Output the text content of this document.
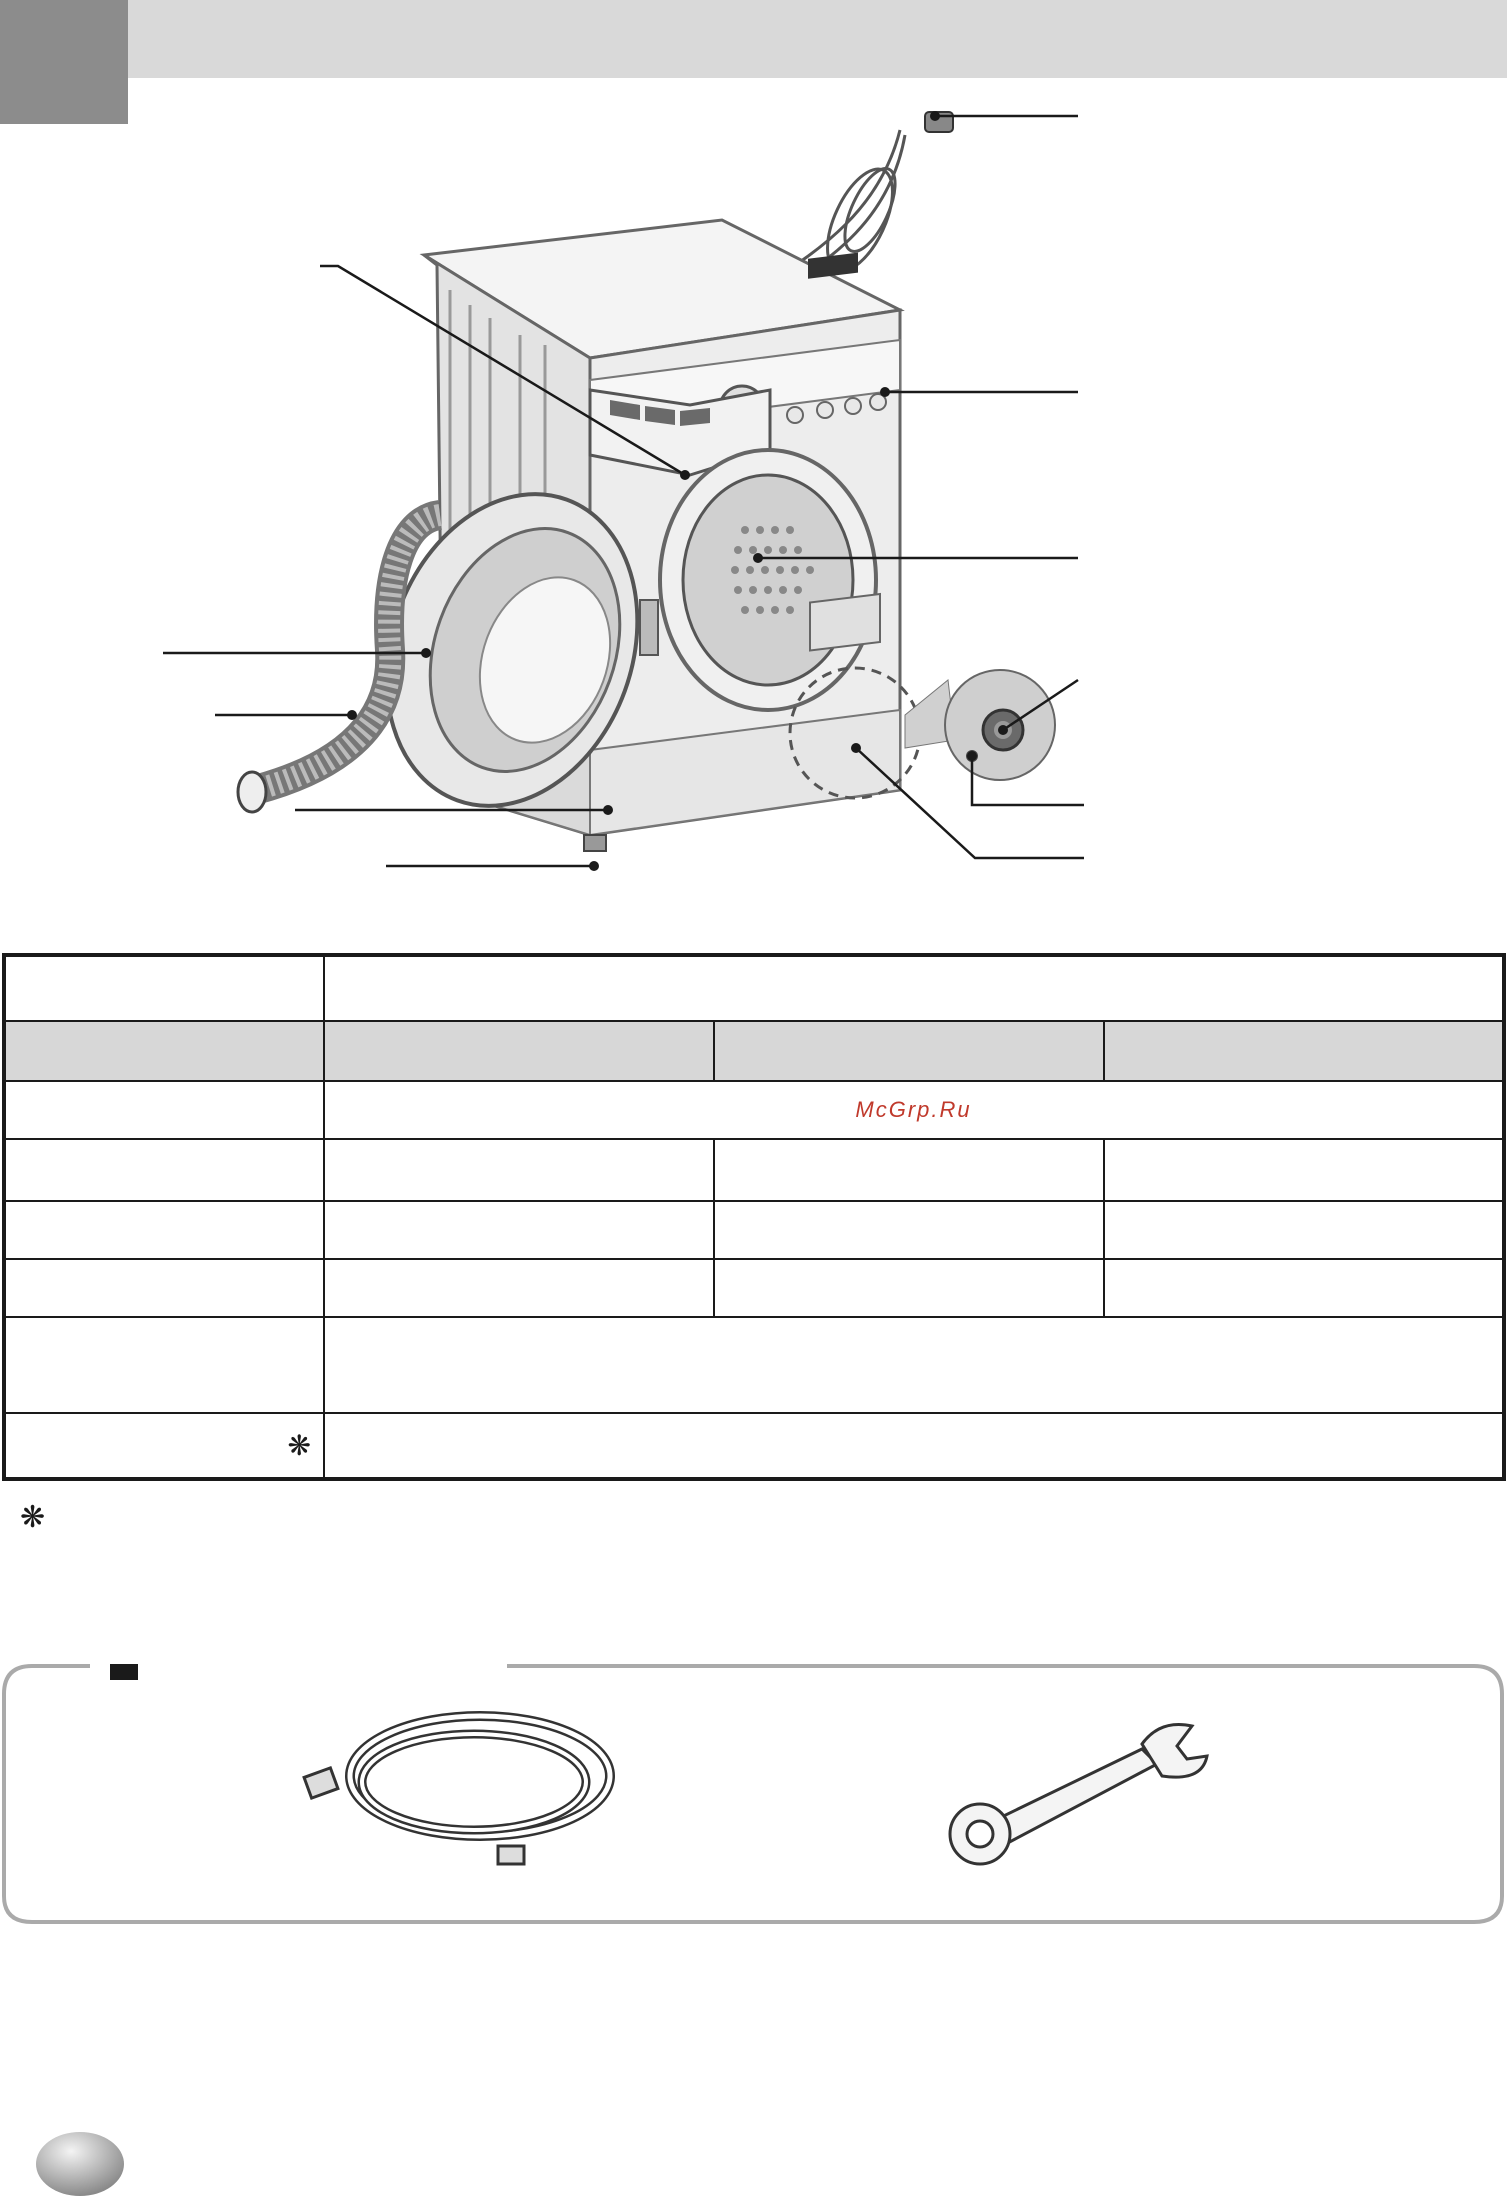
	McGrp.Ru		

❋			

❋
